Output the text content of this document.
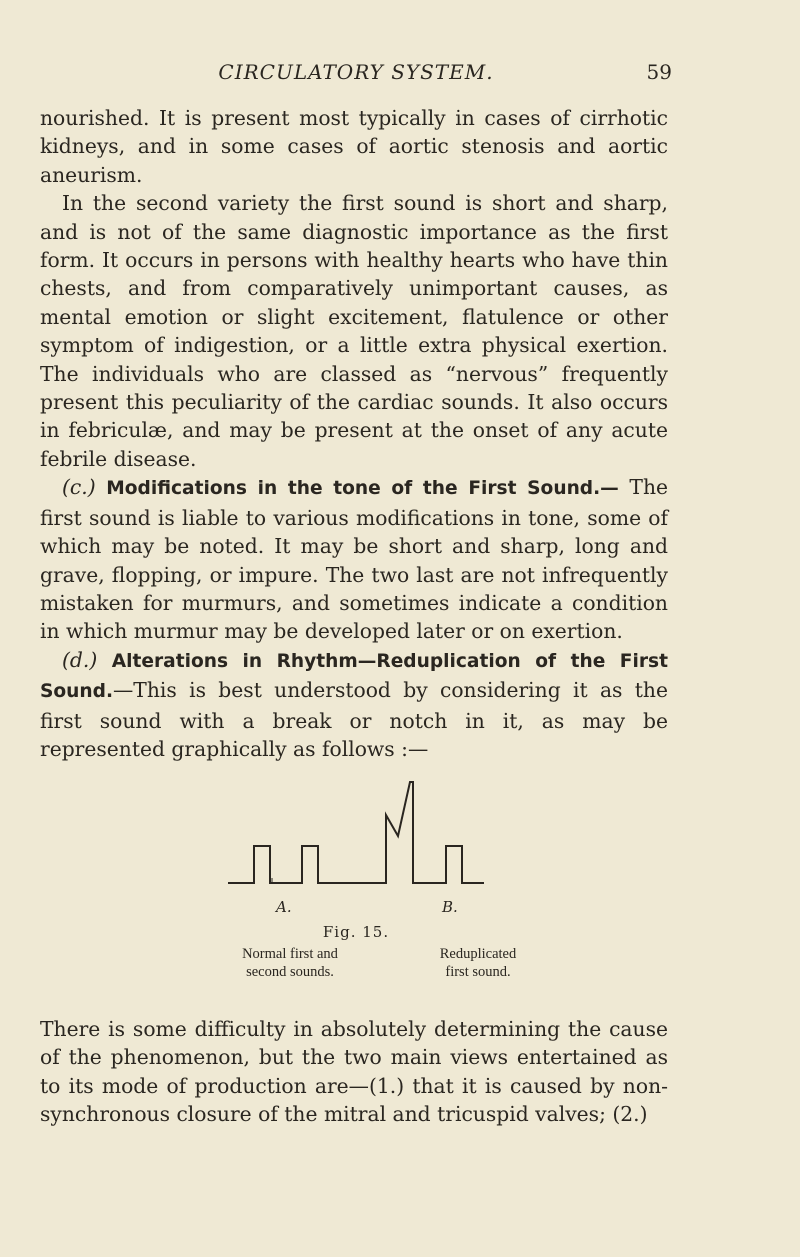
CIRCULATORY SYSTEM.	59

nourished. It is present most typically in cases of cirrhotic kidneys, and in some cases of aortic stenosis and aortic aneurism.

In the second variety the first sound is short and sharp, and is not of the same diagnostic importance as the first form. It occurs in persons with healthy hearts who have thin chests, and from comparatively unimportant causes, as mental emotion or slight excitement, flatulence or other symptom of indigestion, or a little extra physical exertion. The individuals who are classed as “nervous” frequently present this peculiarity of the cardiac sounds. It also occurs in febriculæ, and may be present at the onset of any acute febrile disease.

(c.) Modifications in the tone of the First Sound.— The first sound is liable to various modifications in tone, some of which may be noted. It may be short and sharp, long and grave, flopping, or impure. The two last are not infrequently mistaken for murmurs, and sometimes indicate a condition in which murmur may be developed later or on exertion.

(d.) Alterations in Rhythm—Reduplication of the First Sound.—This is best understood by considering it as the first sound with a break or notch in it, as may be represented graphically as follows :—

A.	B.
Fig. 15.
Normal first and
second sounds.
Reduplicated
first sound.

There is some difficulty in absolutely determining the cause of the phenomenon, but the two main views entertained as to its mode of production are—(1.) that it is caused by non-synchronous closure of the mitral and tricuspid valves; (2.)
